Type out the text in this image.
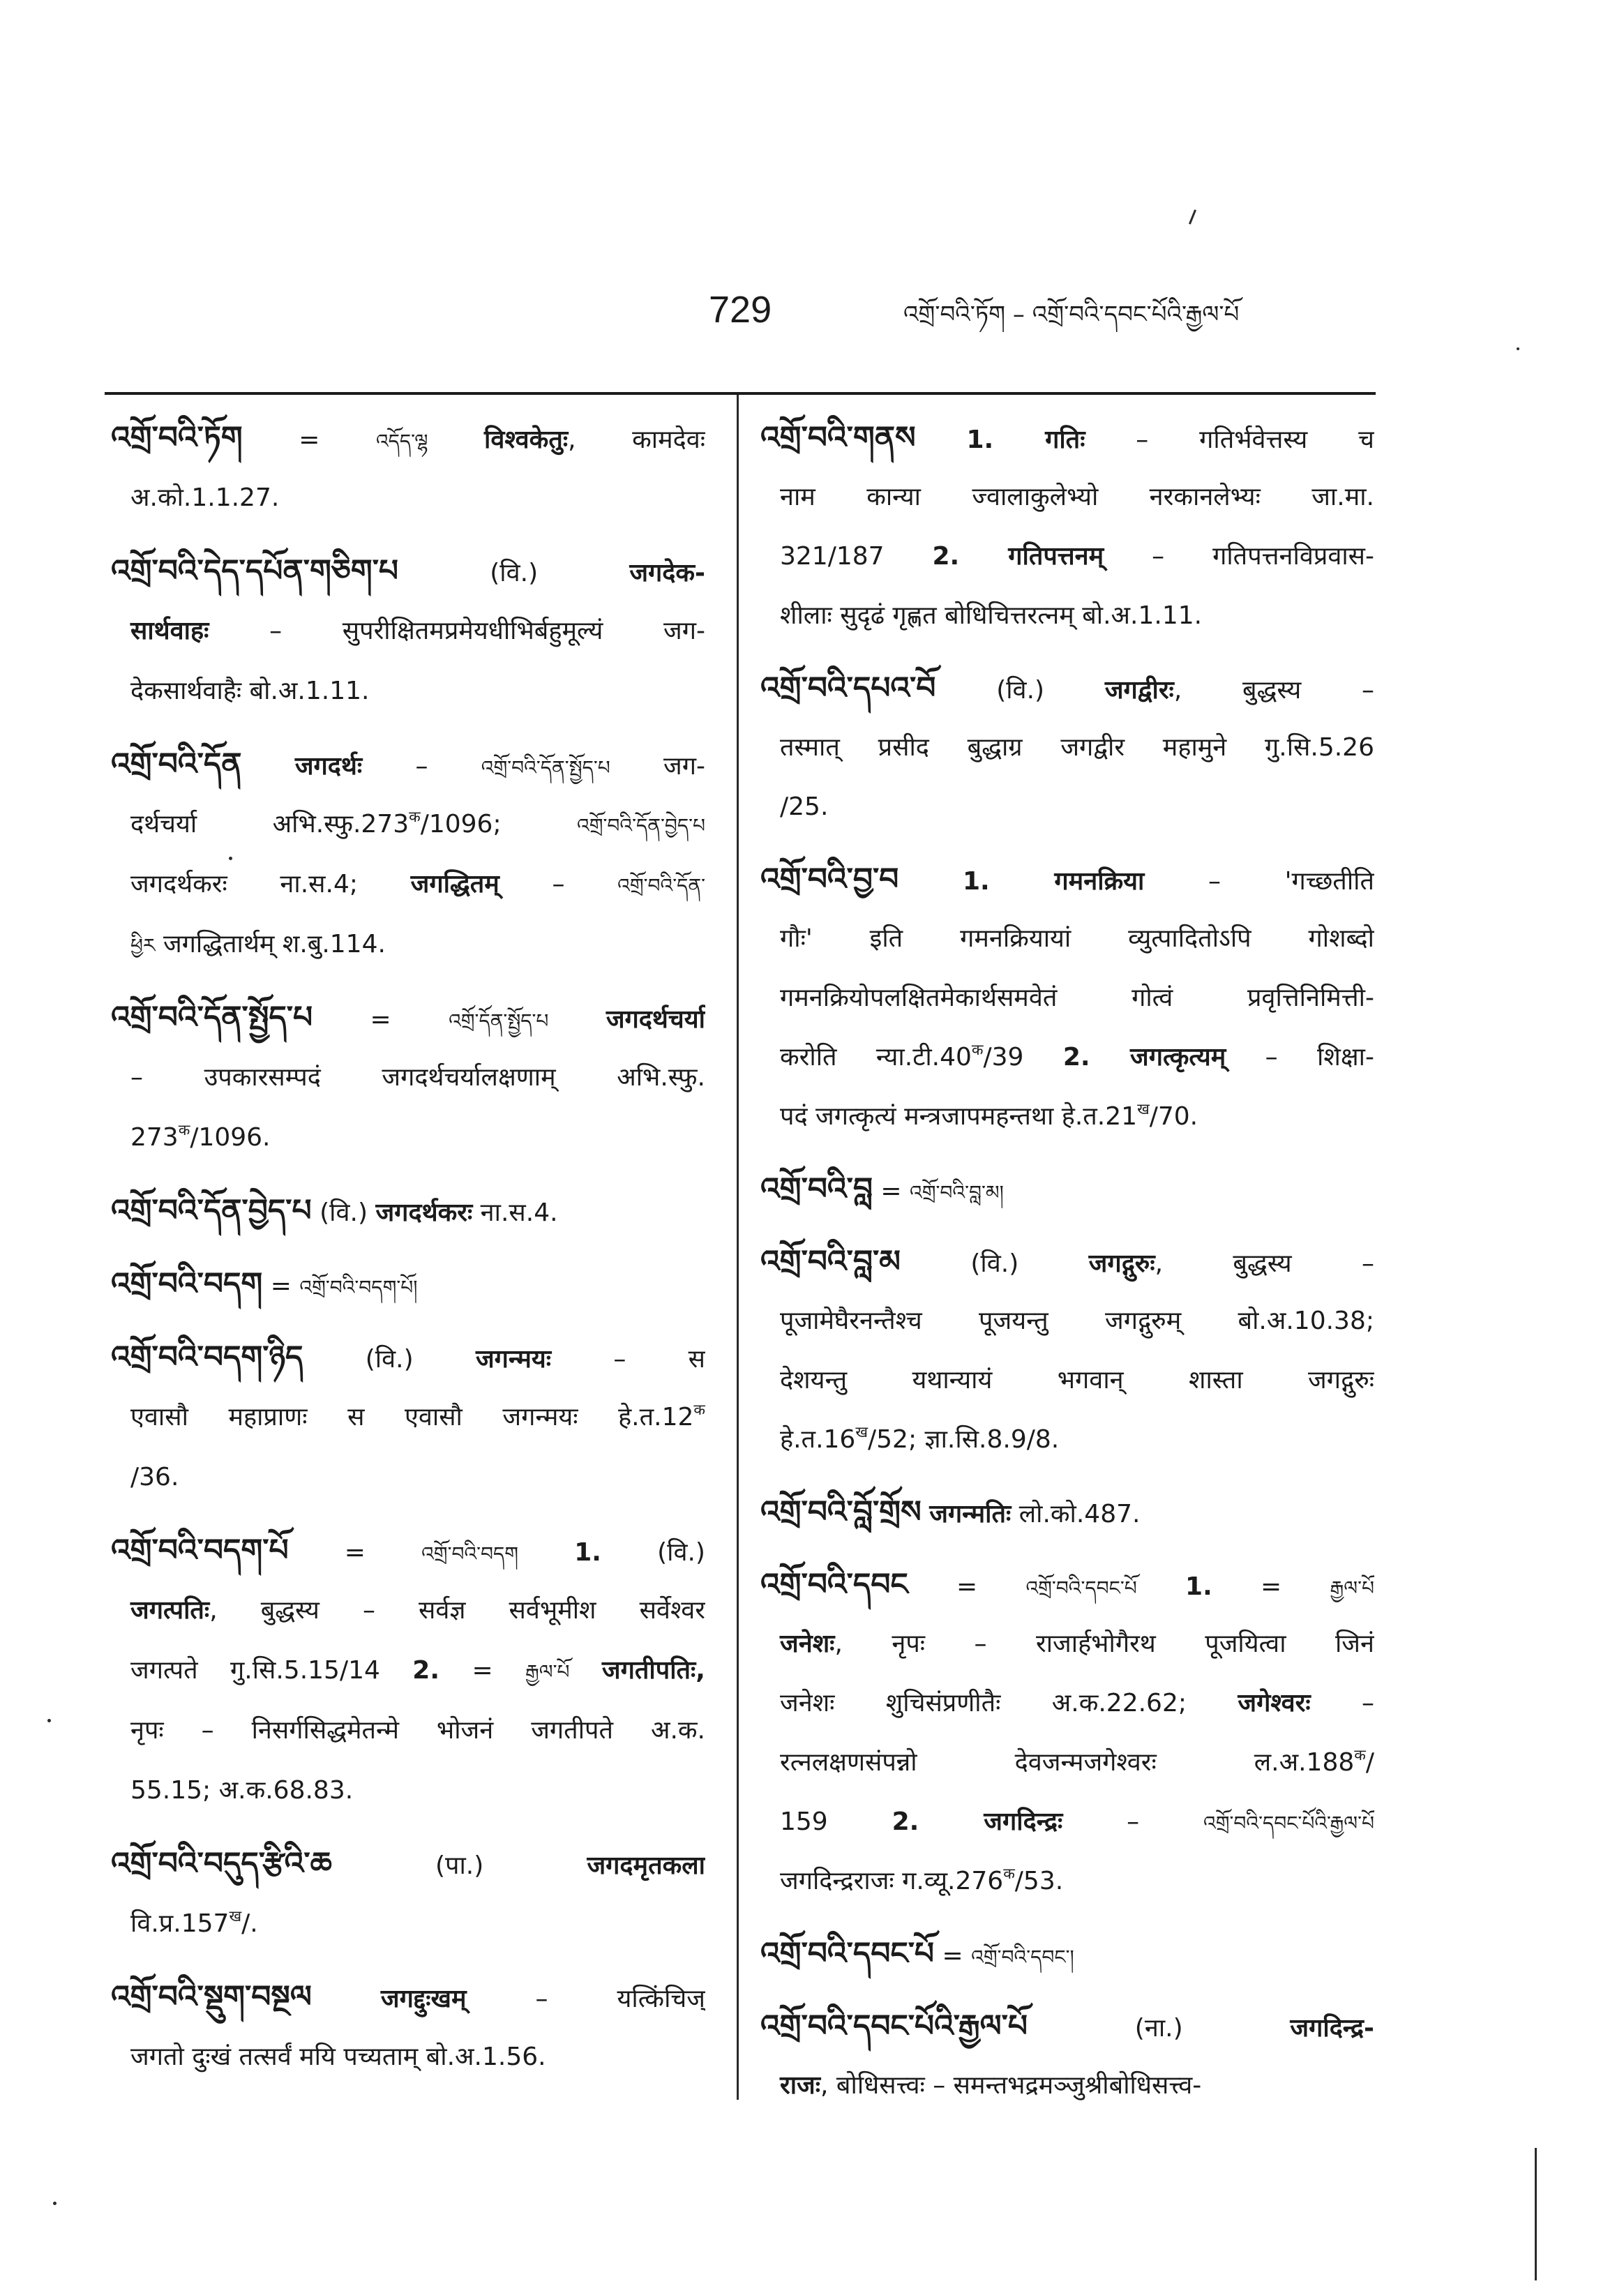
729	འགྲོ་བའི་ཏོག – འགྲོ་བའི་དབང་པོའི་རྒྱལ་པོ
འགྲོ་བའི་ཏོག =	འདོད་ལྷ विश्वकेतुः, कामदेवः
अ.को.1.1.27.
འགྲོ་བའི་དེད་དཔོན་གཅིག་པ	(वि.)	जगदेक-
सार्थवाहः – सुपरीक्षितमप्रमेयधीभिर्बहुमूल्यं जग-
देकसार्थवाहैः बो.अ.1.11.
འགྲོ་བའི་དོན जगदर्थः –	འགྲོ་བའི་དོན་སྤྱོད་པ जग-
दर्थचर्या $अभि.स्फु.273^क/1096$;	འགྲོ་བའི་དོན་བྱེད་པ
जगदर्थकरः ना.स.4; जगद्धितम् –	འགྲོ་བའི་དོན་
ཕྱིར जगद्धितार्थम् श.बु.114.
འགྲོ་བའི་དོན་སྤྱོད་པ =	འགྲོ་དོན་སྤྱོད་པ जगदर्थचर्या
– उपकारसम्पदं जगदर्थचर्यालक्षणाम् अभि.स्फु.
$273^क/1096$.
འགྲོ་བའི་དོན་བྱེད་པ (वि.) जगदर्थकरः ना.स.4.
འགྲོ་བའི་བདག = འགྲོ་བའི་བདག་པོ།
འགྲོ་བའི་བདག་ཉིད (वि.) जगन्मयः – स
एवासौ महाप्राणः स एवासौ जगन्मयः $हे.त.12^क$
/36.
འགྲོ་བའི་བདག་པོ =	འགྲོ་བའི་བདག 1. (वि.)
जगत्पतिः, बुद्धस्य – सर्वज्ञ सर्वभूमीश सर्वेश्वर
जगत्पते गु.सि.5.15/14 2. = རྒྱལ་པོ जगतीपतिः,
नृपः – निसर्गसिद्धमेतन्मे भोजनं जगतीपते अ.क.
55.15; अ.क.68.83.
འགྲོ་བའི་བདུད་རྩིའི་ཆ	(पा.)	जगदमृतकला
$वि.प्र.157^ख/$.
འགྲོ་བའི་སྡུག་བསྔལ	जगद्दुःखम्	– यत्किंचिज्
जगतो दुःखं तत्सर्वं मयि पच्यताम् बो.अ.1.56.
འགྲོ་བའི་གནས 1. गतिः – गतिर्भवेत्तस्य च
नाम कान्या ज्वालाकुलेभ्यो नरकानलेभ्यः जा.मा.
321/187 2. गतिपत्तनम् – गतिपत्तनविप्रवास-
शीलाः सुदृढं गृह्णत बोधिचित्तरत्नम् बो.अ.1.11.
འགྲོ་བའི་དཔའ་བོ (वि.) जगद्वीरः, बुद्धस्य –
तस्मात् प्रसीद बुद्धाग्र जगद्वीर महामुने गु.सि.5.26
/25.
འགྲོ་བའི་བྱ་བ	1. गमनक्रिया	– 'गच्छतीति
गौः' इति गमनक्रियायां व्युत्पादितोऽपि गोशब्दो
गमनक्रियोपलक्षितमेकार्थसमवेतं गोत्वं प्रवृत्तिनिमित्ती-
करोति $न्या.टी.40^क/39$ 2. जगत्कृत्यम् – शिक्षा-
पदं जगत्कृत्यं मन्त्रजापमहन्तथा $हे.त.21^ख/70$.
འགྲོ་བའི་བླ = འགྲོ་བའི་བླ་མ།
འགྲོ་བའི་བླ་མ	(वि.)	जगद्गुरुः, बुद्धस्य –
पूजामेघैरनन्तैश्च पूजयन्तु जगद्गुरुम् बो.अ.10.38;
देशयन्तु यथान्यायं भगवान् शास्ता जगद्गुरुः
$हे.त.16^ख/52$; ज्ञा.सि.8.9/8.
འགྲོ་བའི་བློ་གྲོས जगन्मतिः लो.को.487.
འགྲོ་བའི་དབང = འགྲོ་བའི་དབང་པོ 1. = རྒྱལ་པོ
जनेशः, नृपः – राजार्हभोगैरथ पूजयित्वा जिनं
जनेशः शुचिसंप्रणीतैः अ.क.22.62; जगेश्वरः –
रत्नलक्षणसंपन्नो देवजन्मजगेश्वरः $ल.अ.188^क/$
159	2. जगदिन्द्रः	–	འགྲོ་བའི་དབང་པོའི་རྒྱལ་པོ
जगदिन्द्रराजः $ग.व्यू.276^क/53$.
འགྲོ་བའི་དབང་པོ = འགྲོ་བའི་དབང་།
འགྲོ་བའི་དབང་པོའི་རྒྱལ་པོ	(ना.)	जगदिन्द्र-
राजः, बोधिसत्त्वः – समन्तभद्रमञ्जुश्रीबोधिसत्त्व-
